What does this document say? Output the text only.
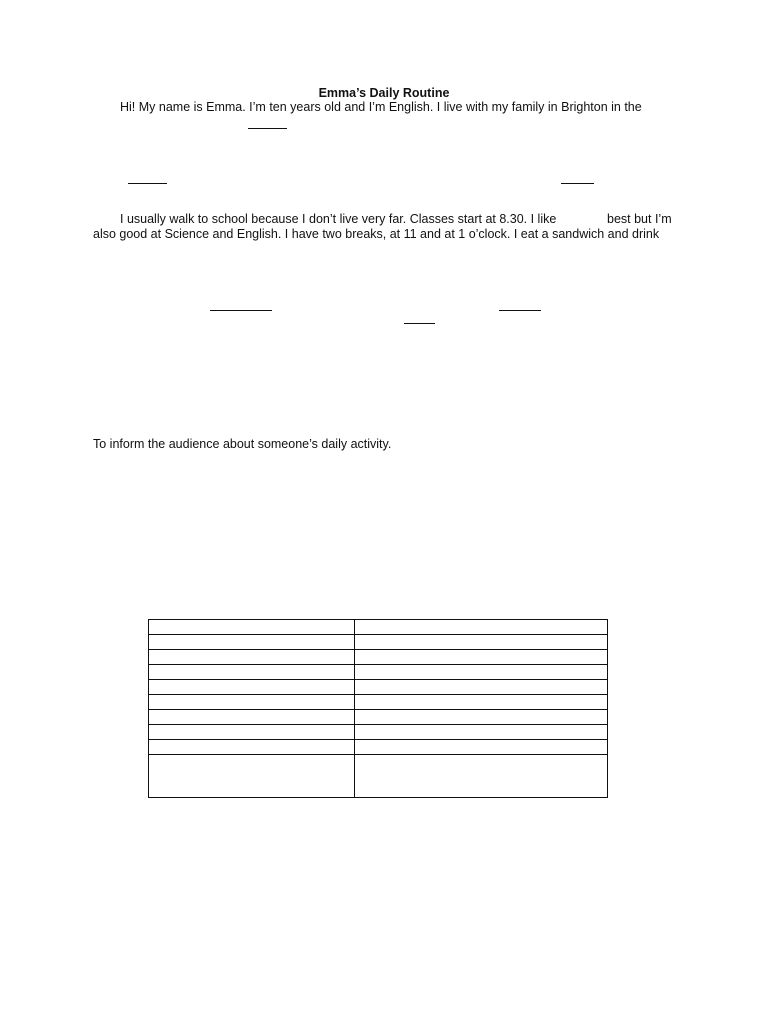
Emma’s Daily Routine
Hi! My name is Emma. I’m ten years old and I’m English. I live with my family in Brighton in the
I usually walk to school because I don’t live very far. Classes start at 8.30. I like	best but I’m
also good at Science and English. I have two breaks, at 11 and at 1 o’clock. I eat a sandwich and drink
To inform the audience about someone’s daily activity.
